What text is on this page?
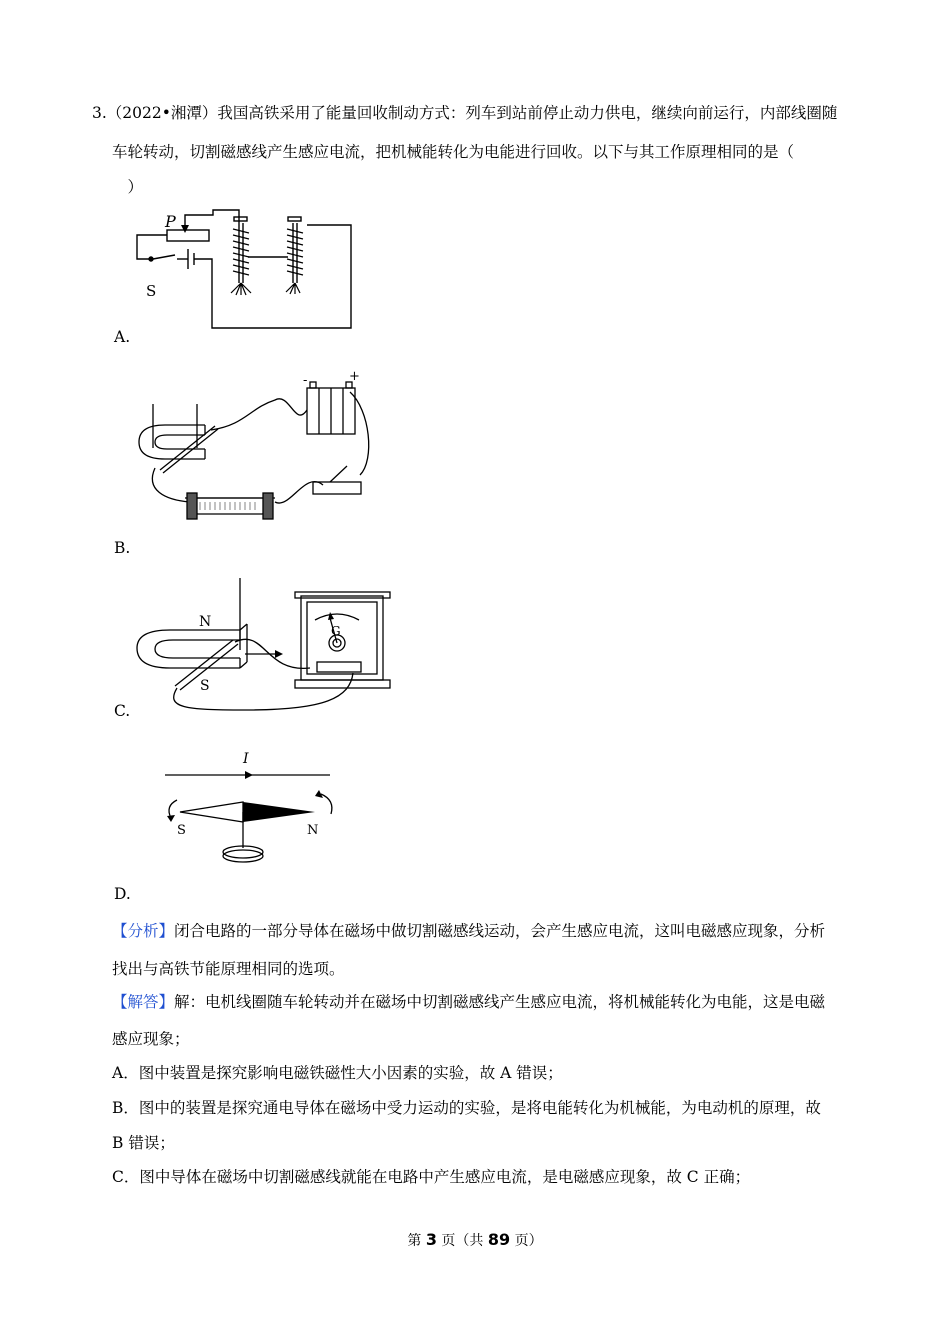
3.（2022•湘潭）我国高铁采用了能量回收制动方式：列车到站前停止动力供电，继续向前运行，内部线圈随
车轮转动，切割磁感线产生感应电流，把机械能转化为电能进行回收。以下与其工作原理相同的是（
　）
P
S
A.
-	+
B.
N
S
G
C.
I
S	N
D.
【分析】闭合电路的一部分导体在磁场中做切割磁感线运动，会产生感应电流，这叫电磁感应现象，分析
找出与高铁节能原理相同的选项。
【解答】解：电机线圈随车轮转动并在磁场中切割磁感线产生感应电流，将机械能转化为电能，这是电磁
感应现象；
A．图中装置是探究影响电磁铁磁性大小因素的实验，故 A 错误；
B．图中的装置是探究通电导体在磁场中受力运动的实验，是将电能转化为机械能，为电动机的原理，故
B 错误；
C．图中导体在磁场中切割磁感线就能在电路中产生感应电流，是电磁感应现象，故 C 正确；
第 3 页（共 89 页）
